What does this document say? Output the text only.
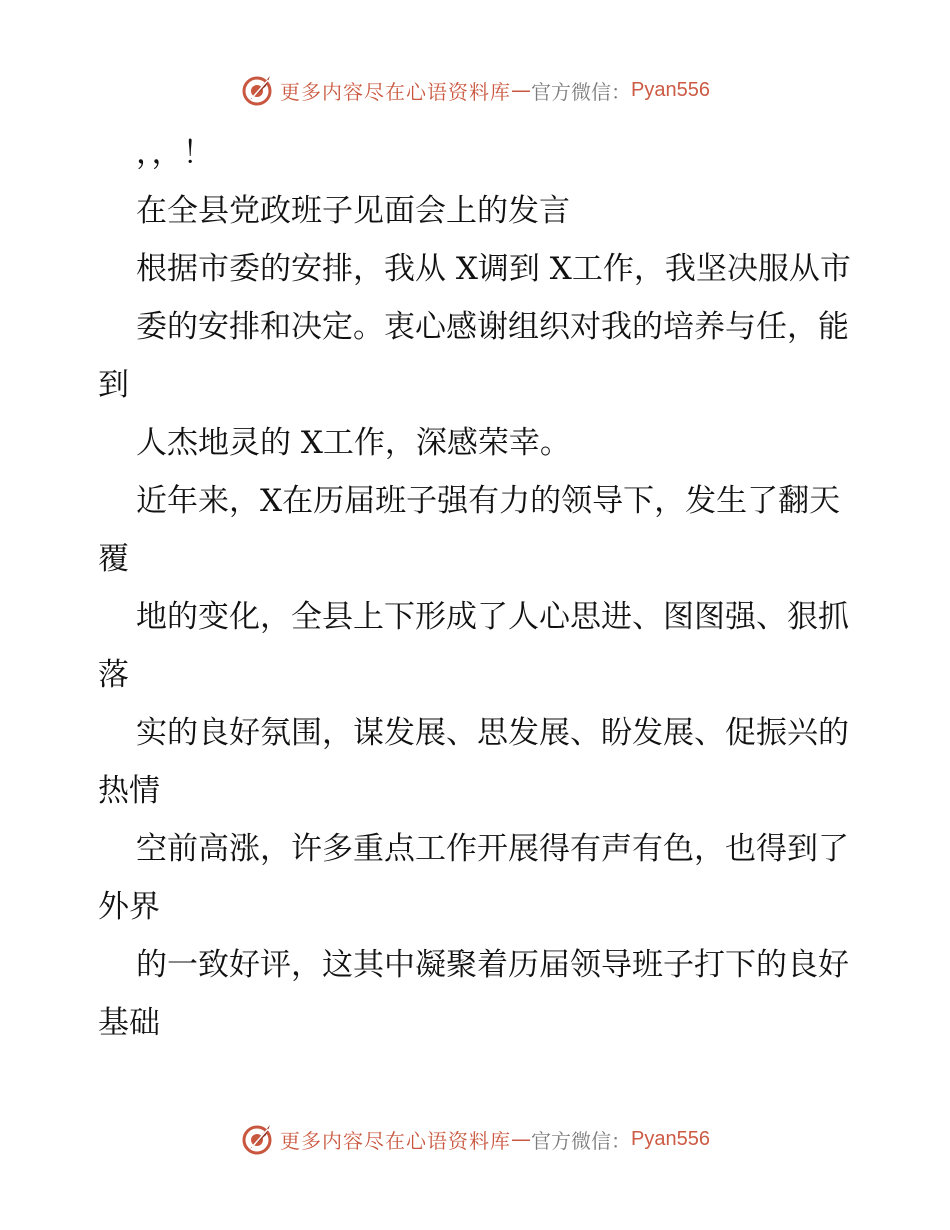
更多内容尽在心语资料库 — 官方微信： Pyan556

，，！

在全县党政班子见面会上的发言

根据市委的安排，我从 X调到 X工作，我坚决服从市

委的安排和决定。衷心感谢组织对我的培养与任，能到

人杰地灵的 X工作，深感荣幸。

近年来，X在历届班子强有力的领导下，发生了翻天覆

地的变化，全县上下形成了人心思进、图图强、狠抓落

实的良好氛围，谋发展、思发展、盼发展、促振兴的热情

空前高涨，许多重点工作开展得有声有色，也得到了外界

的一致好评，这其中凝聚着历届领导班子打下的良好基础

更多内容尽在心语资料库 — 官方微信： Pyan556
